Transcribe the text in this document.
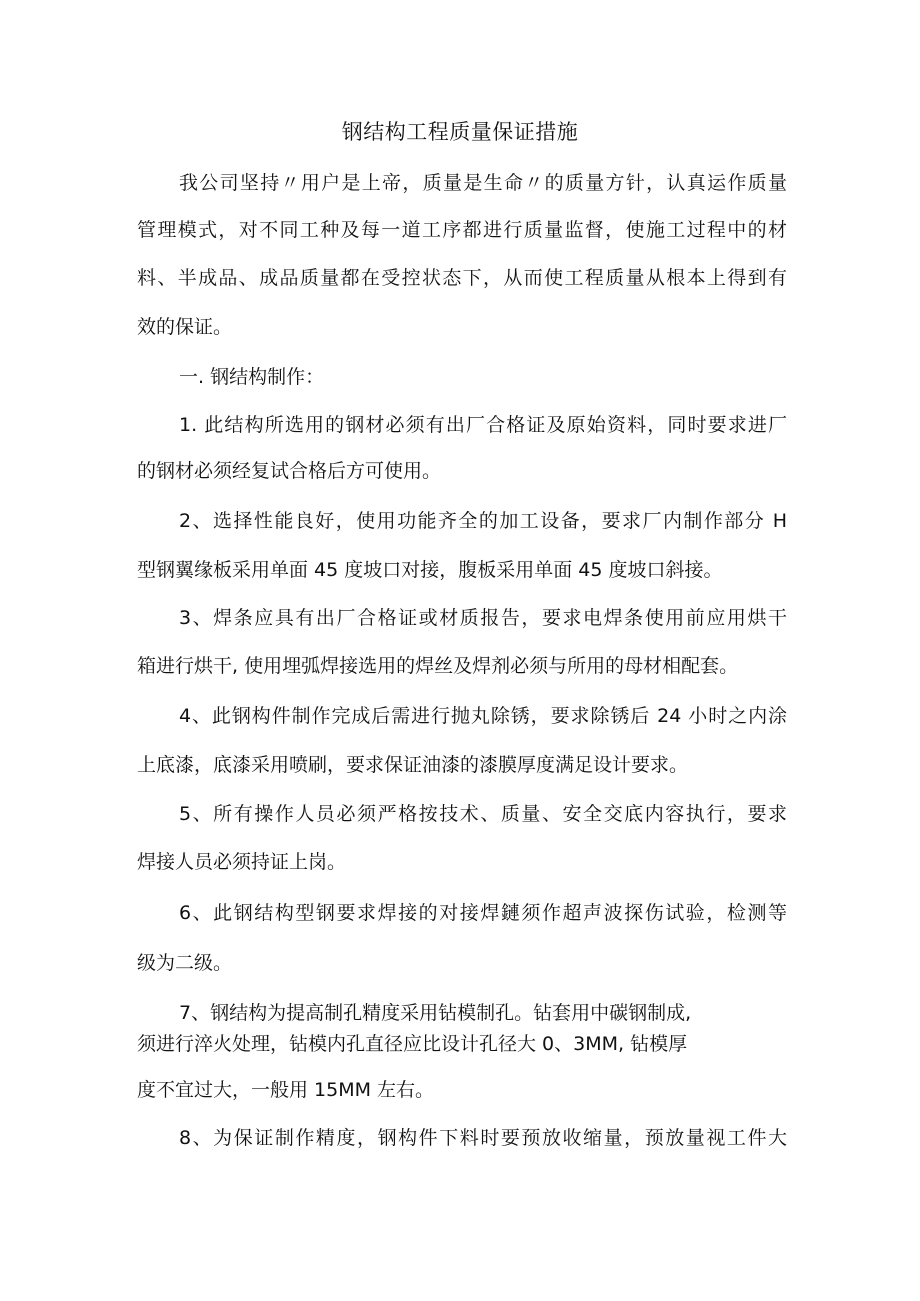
钢结构工程质量保证措施
我公司坚持〃用户是上帝，质量是生命〃的质量方针，认真运作质量
管理模式，对不同工种及每一道工序都进行质量监督，使施工过程中的材
料、半成品、成品质量都在受控状态下，从而使工程质量从根本上得到有
效的保证。
一. 钢结构制作：
1. 此结构所选用的钢材必须有出厂合格证及原始资料，同时要求进厂
的钢材必须经复试合格后方可使用。
2、选择性能良好，使用功能齐全的加工设备，要求厂内制作部分 H
型钢翼缘板采用单面 45 度坡口对接，腹板采用单面 45 度坡口斜接。
3、焊条应具有出厂合格证或材质报告，要求电焊条使用前应用烘干
箱进行烘干, 使用埋弧焊接选用的焊丝及焊剂必须与所用的母材相配套。
4、此钢构件制作完成后需进行抛丸除锈，要求除锈后 24 小时之内涂
上底漆，底漆采用喷刷，要求保证油漆的漆膜厚度满足设计要求。
5、所有操作人员必须严格按技术、质量、安全交底内容执行，要求
焊接人员必须持证上岗。
6、此钢结构型钢要求焊接的对接焊鏈须作超声波探伤试验，检测等
级为二级。
7、钢结构为提高制孔精度采用钻模制孔。钻套用中碳钢制成,
须进行淬火处理，钻模内孔直径应比设计孔径大 0、3MM, 钻模厚
度不宜过大，一般用 15MM 左右。
8、为保证制作精度，钢构件下料时要预放收缩量，预放量视工件大
